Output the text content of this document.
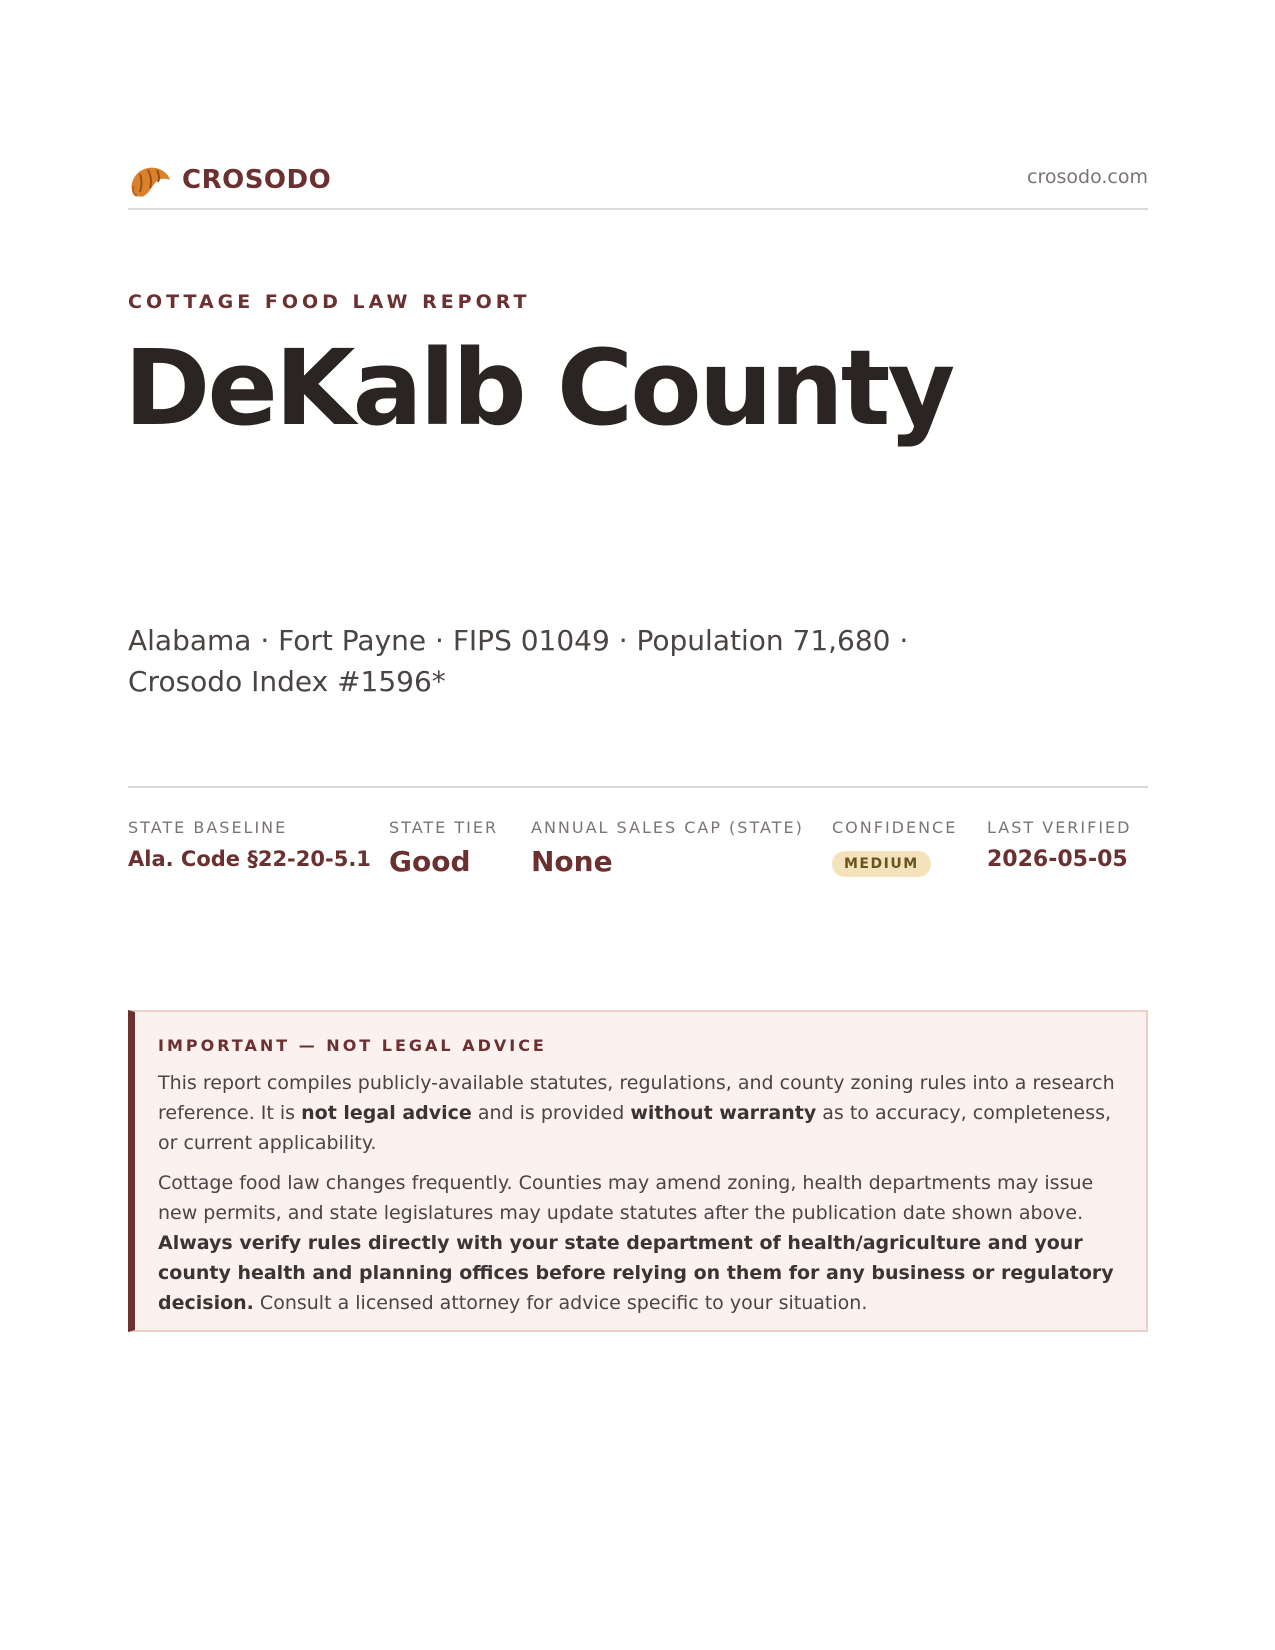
CROSODO	crosodo.com
COTTAGE FOOD LAW REPORT
DeKalb County
Alabama · Fort Payne · FIPS 01049 · Population 71,680 ·
Crosodo Index #1596*
STATE BASELINE
Ala. Code §22-20-5.1
STATE TIER
Good
ANNUAL SALES CAP (STATE)
None
CONFIDENCE
MEDIUM
LAST VERIFIED
2026-05-05
IMPORTANT — NOT LEGAL ADVICE

This report compiles publicly-available statutes, regulations, and county zoning rules into a research reference. It is not legal advice and is provided without warranty as to accuracy, completeness, or current applicability.

Cottage food law changes frequently. Counties may amend zoning, health departments may issue new permits, and state legislatures may update statutes after the publication date shown above. Always verify rules directly with your state department of health/agriculture and your county health and planning offices before relying on them for any business or regulatory decision. Consult a licensed attorney for advice specific to your situation.
